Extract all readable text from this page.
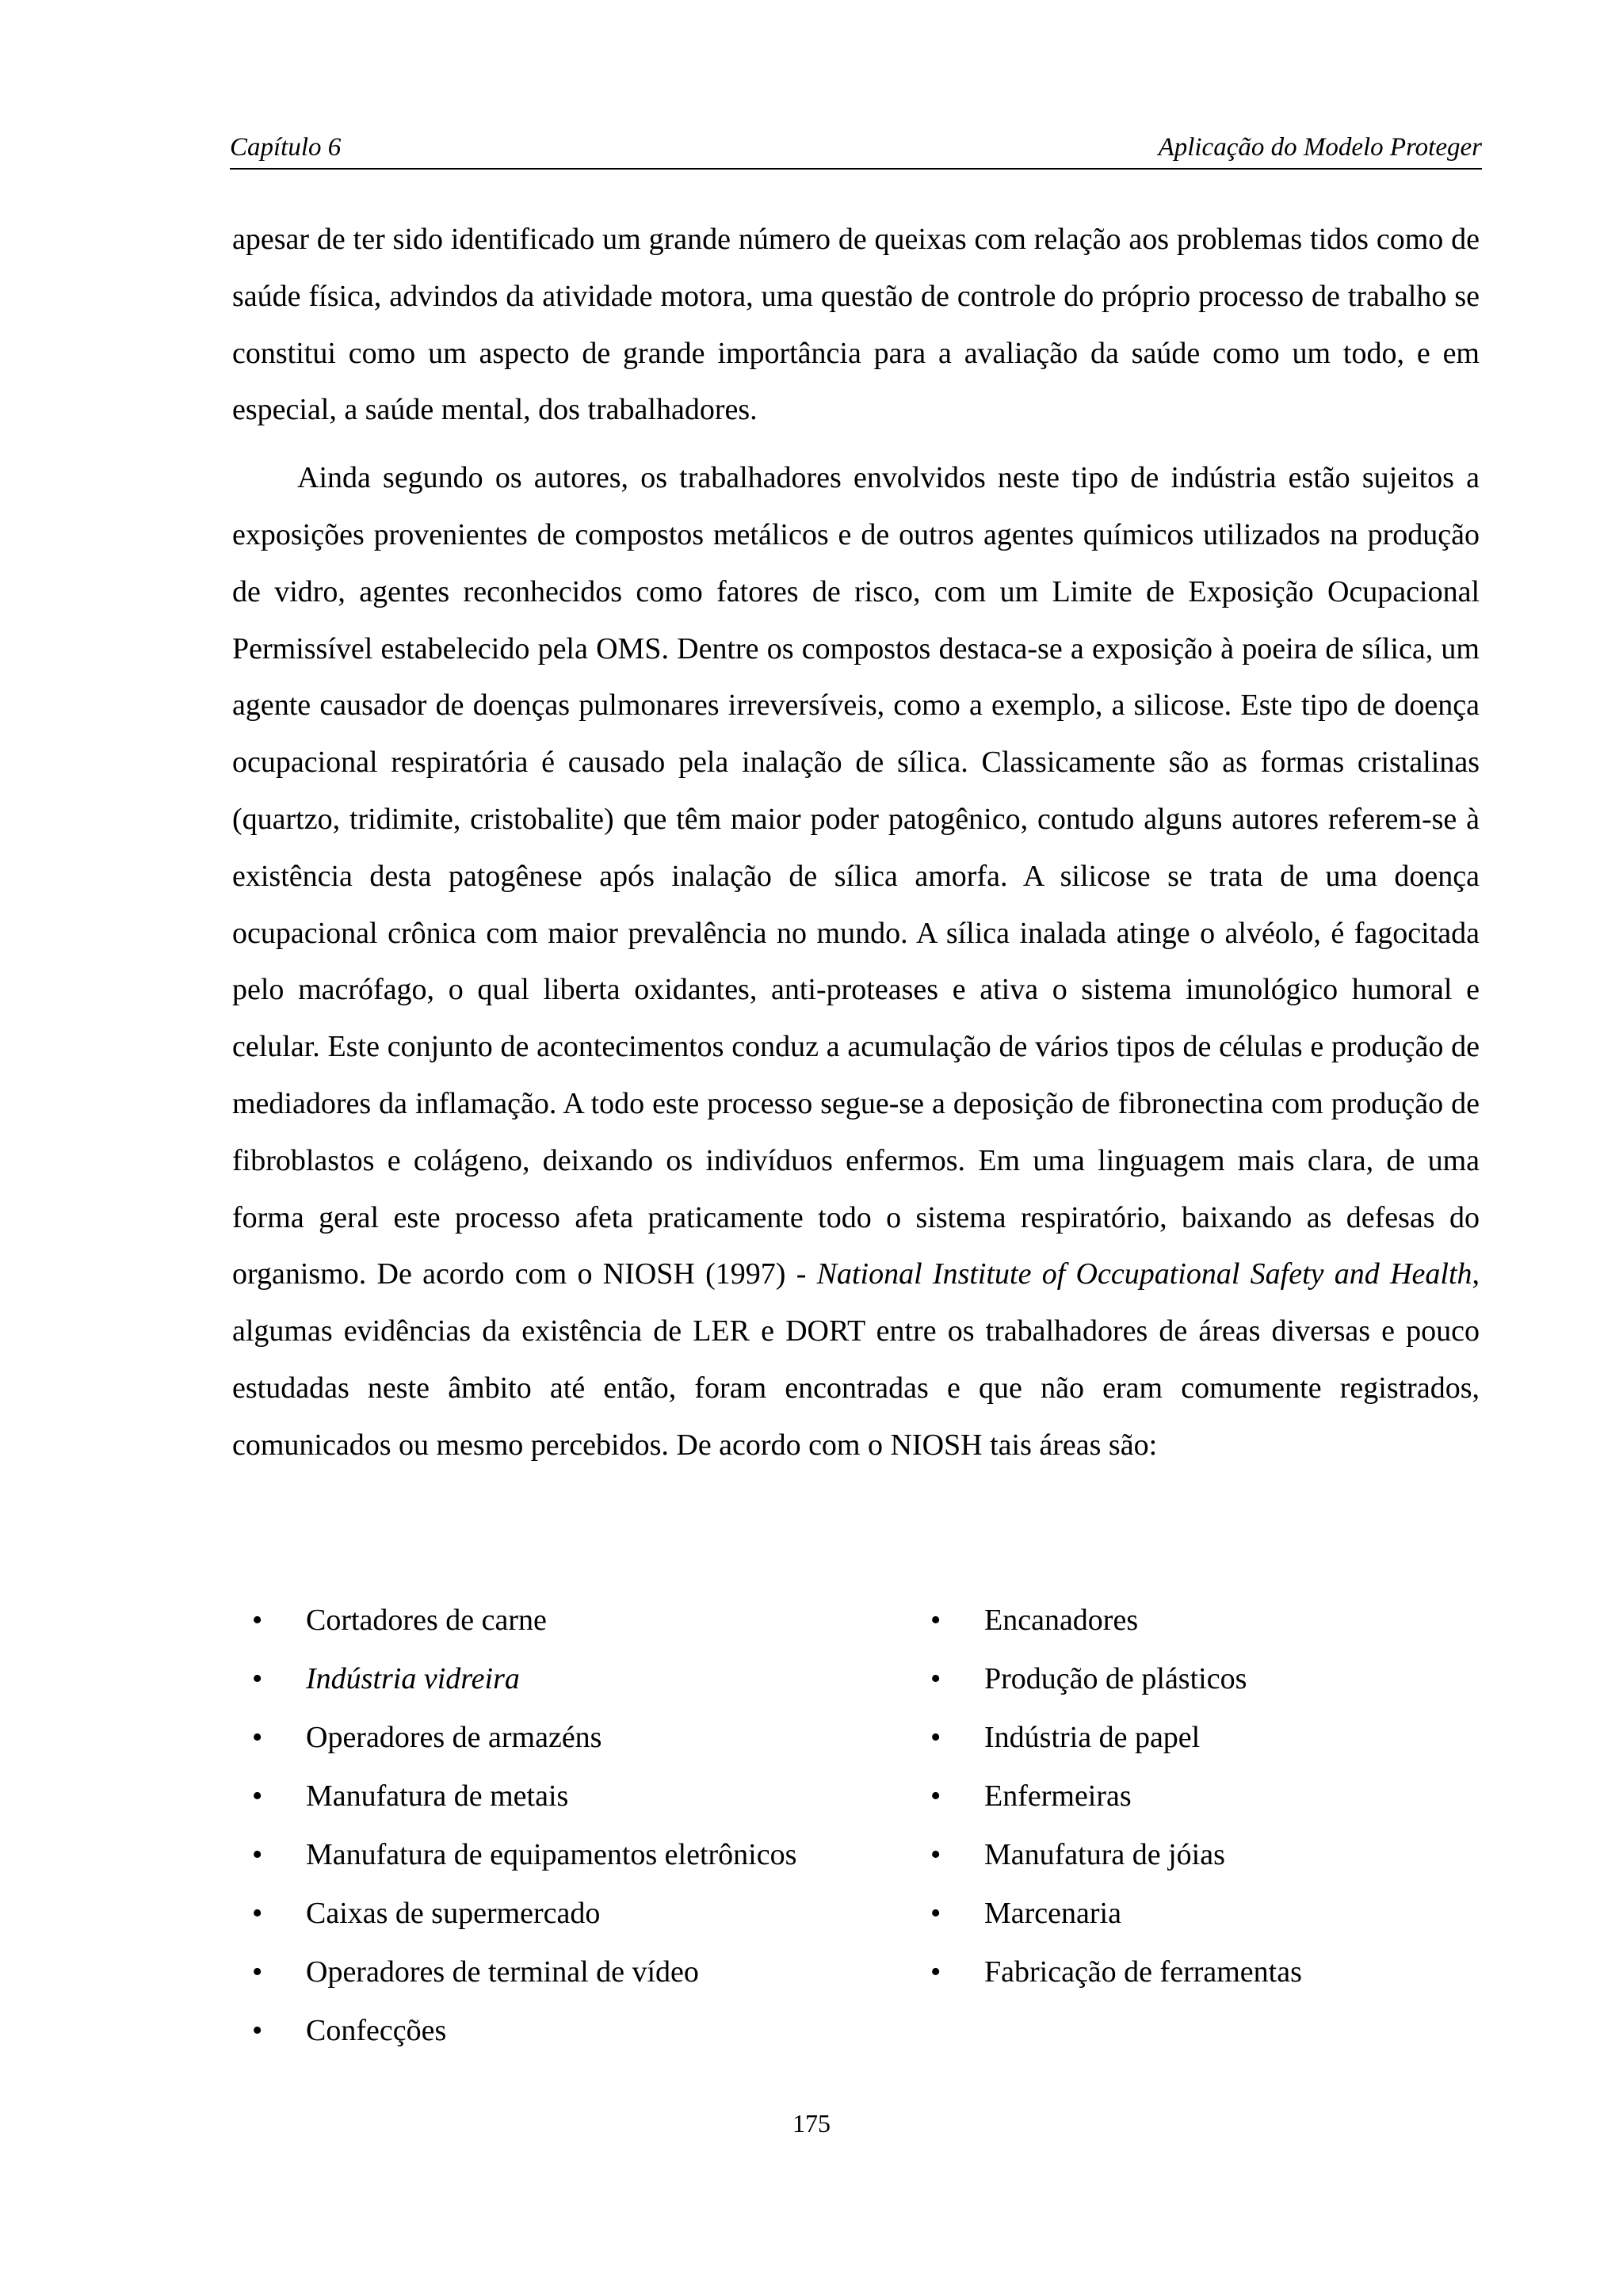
Capítulo 6	Aplicação do Modelo Proteger

apesar de ter sido identificado um grande número de queixas com relação aos problemas tidos como de saúde física, advindos da atividade motora, uma questão de controle do próprio processo de trabalho se constitui como um aspecto de grande importância para a avaliação da saúde como um todo, e em especial, a saúde mental, dos trabalhadores.

Ainda segundo os autores, os trabalhadores envolvidos neste tipo de indústria estão sujeitos a exposições provenientes de compostos metálicos e de outros agentes químicos utilizados na produção de vidro, agentes reconhecidos como fatores de risco, com um Limite de Exposição Ocupacional Permissível estabelecido pela OMS. Dentre os compostos destaca-se a exposição à poeira de sílica, um agente causador de doenças pulmonares irreversíveis, como a exemplo, a silicose. Este tipo de doença ocupacional respiratória é causado pela inalação de sílica. Classicamente são as formas cristalinas (quartzo, tridimite, cristobalite) que têm maior poder patogênico, contudo alguns autores referem-se à existência desta patogênese após inalação de sílica amorfa. A silicose se trata de uma doença ocupacional crônica com maior prevalência no mundo. A sílica inalada atinge o alvéolo, é fagocitada pelo macrófago, o qual liberta oxidantes, anti-proteases e ativa o sistema imunológico humoral e celular. Este conjunto de acontecimentos conduz a acumulação de vários tipos de células e produção de mediadores da inflamação. A todo este processo segue-se a deposição de fibronectina com produção de fibroblastos e colágeno, deixando os indivíduos enfermos. Em uma linguagem mais clara, de uma forma geral este processo afeta praticamente todo o sistema respiratório, baixando as defesas do organismo. De acordo com o NIOSH (1997) - National Institute of Occupational Safety and Health, algumas evidências da existência de LER e DORT entre os trabalhadores de áreas diversas e pouco estudadas neste âmbito até então, foram encontradas e que não eram comumente registrados, comunicados ou mesmo percebidos. De acordo com o NIOSH tais áreas são:

•	Cortadores de carne
•	Indústria vidreira
•	Operadores de armazéns
•	Manufatura de metais
•	Manufatura de equipamentos eletrônicos
•	Caixas de supermercado
•	Operadores de terminal de vídeo
•	Confecções
•	Encanadores
•	Produção de plásticos
•	Indústria de papel
•	Enfermeiras
•	Manufatura de jóias
•	Marcenaria
•	Fabricação de ferramentas
175
